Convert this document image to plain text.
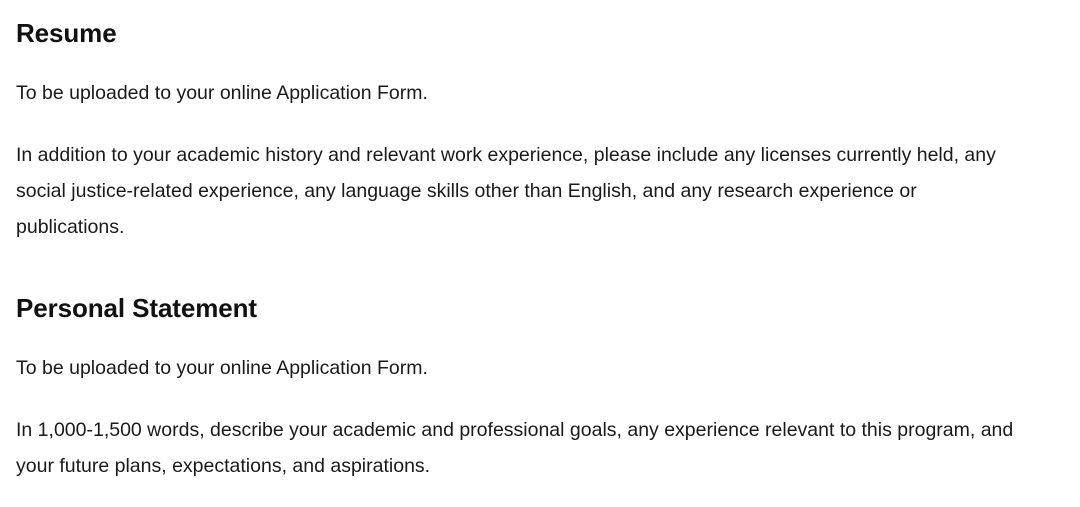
Resume

To be uploaded to your online Application Form.

In addition to your academic history and relevant work experience, please include any licenses currently held, any social justice-related experience, any language skills other than English, and any research experience or publications.

Personal Statement

To be uploaded to your online Application Form.

In 1,000-1,500 words, describe your academic and professional goals, any experience relevant to this program, and your future plans, expectations, and aspirations.
